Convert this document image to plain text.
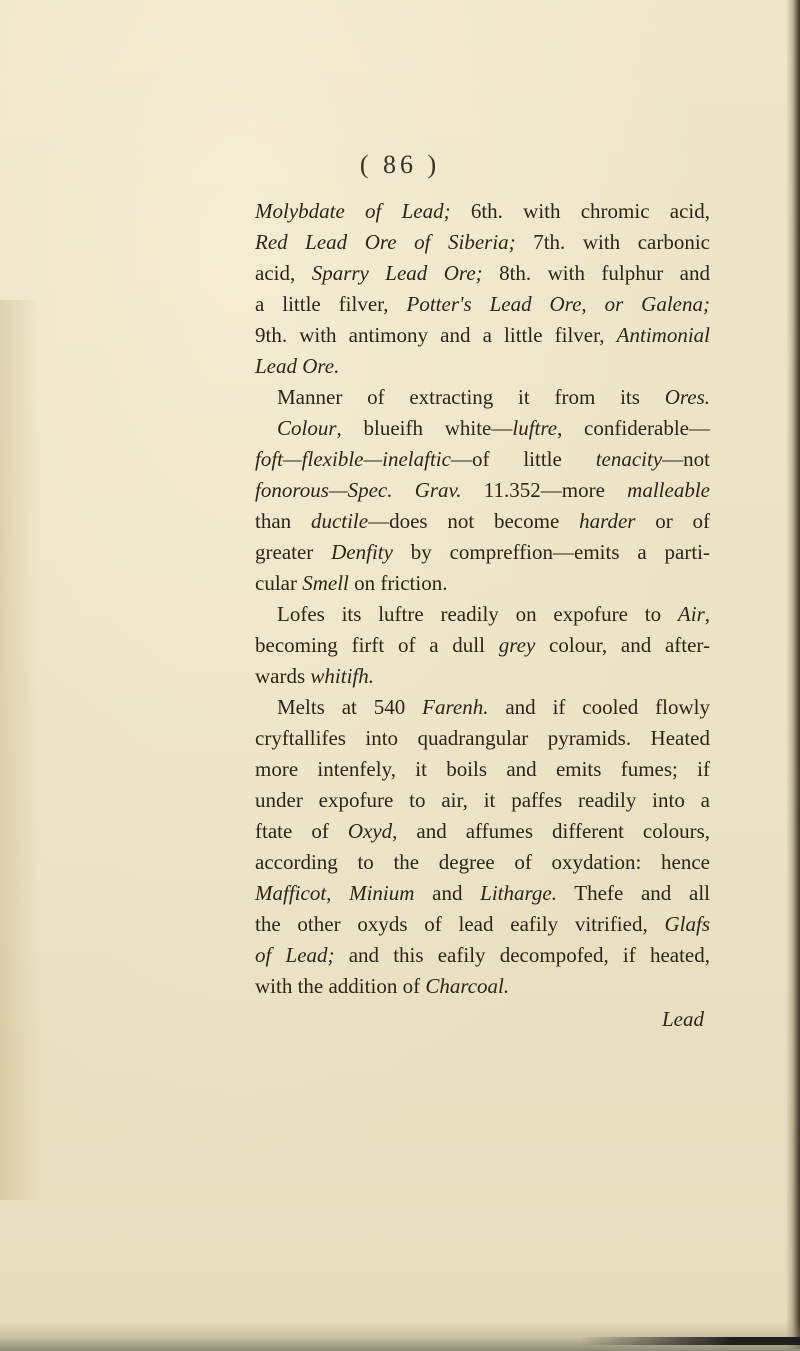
( 86 )
Molybdate of Lead; 6th. with chromic acid,
Red Lead Ore of Siberia; 7th. with carbonic
acid, Sparry Lead Ore; 8th. with fulphur and
a little filver, Potter's Lead Ore, or Galena;
9th. with antimony and a little filver, Antimonial
Lead Ore.
Manner of extracting it from its Ores.
Colour, blueifh white—luftre, confiderable—
foft—flexible—inelaftic—of little tenacity—not
fonorous—Spec. Grav. 11.352—more malleable
than ductile—does not become harder or of
greater Denfity by compreffion—emits a parti-
cular Smell on friction.
Lofes its luftre readily on expofure to Air,
becoming firft of a dull grey colour, and after-
wards whitifh.
Melts at 540 Farenh. and if cooled flowly
cryftallifes into quadrangular pyramids. Heated
more intenfely, it boils and emits fumes; if
under expofure to air, it paffes readily into a
ftate of Oxyd, and affumes different colours,
according to the degree of oxydation: hence
Mafficot, Minium and Litharge. Thefe and all
the other oxyds of lead eafily vitrified, Glafs
of Lead; and this eafily decompofed, if heated,
with the addition of Charcoal.
Lead
